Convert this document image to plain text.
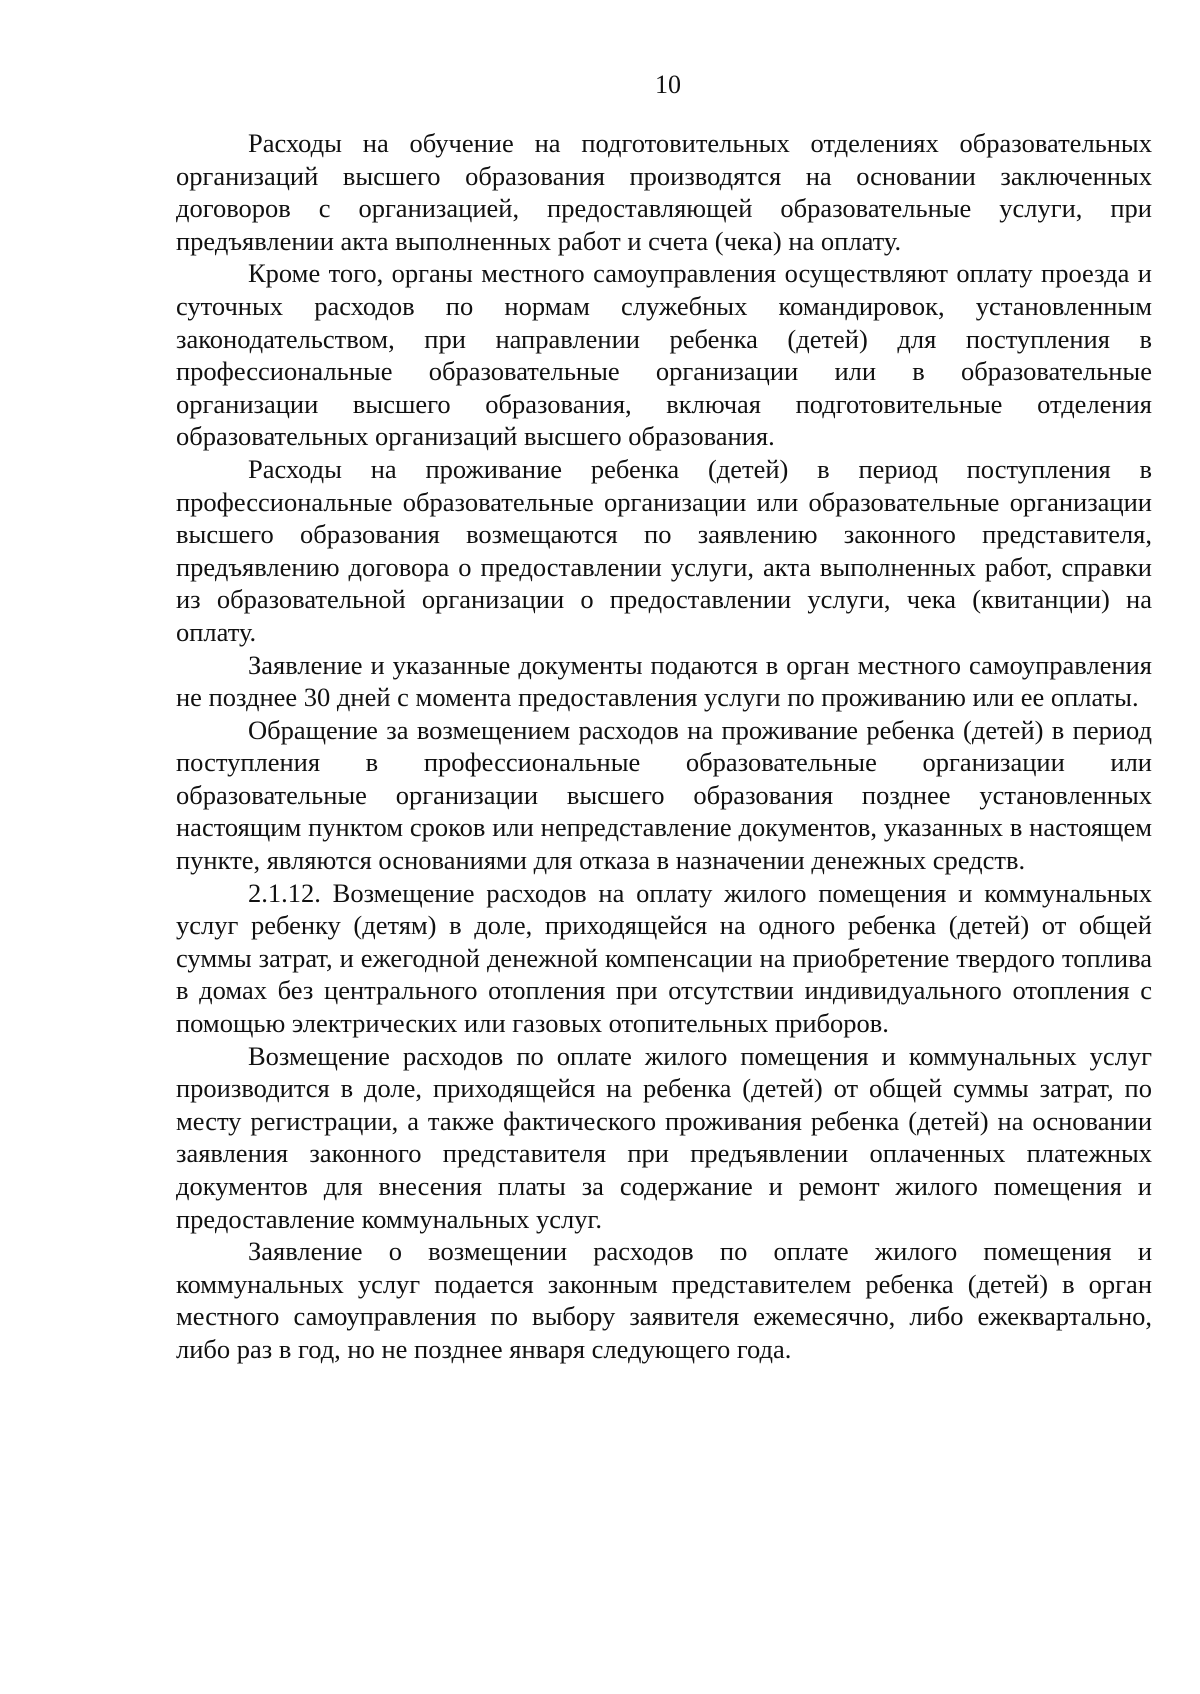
10

Расходы на обучение на подготовительных отделениях образовательных организаций высшего образования производятся на основании заключенных договоров с организацией, предоставляющей образовательные услуги, при предъявлении акта выполненных работ и счета (чека) на оплату.

Кроме того, органы местного самоуправления осуществляют оплату проезда и суточных расходов по нормам служебных командировок, установленным законодательством, при направлении ребенка (детей) для поступления в профессиональные образовательные организации или в образовательные организации высшего образования, включая подготовительные отделения образовательных организаций высшего образования.

Расходы на проживание ребенка (детей) в период поступления в профессиональные образовательные организации или образовательные организации высшего образования возмещаются по заявлению законного представителя, предъявлению договора о предоставлении услуги, акта выполненных работ, справки из образовательной организации о предоставлении услуги, чека (квитанции) на оплату.

Заявление и указанные документы подаются в орган местного самоуправления не позднее 30 дней с момента предоставления услуги по проживанию или ее оплаты.

Обращение за возмещением расходов на проживание ребенка (детей) в период поступления в профессиональные образовательные организации или образовательные организации высшего образования позднее установленных настоящим пунктом сроков или непредставление документов, указанных в настоящем пункте, являются основаниями для отказа в назначении денежных средств.

2.1.12. Возмещение расходов на оплату жилого помещения и коммунальных услуг ребенку (детям) в доле, приходящейся на одного ребенка (детей) от общей суммы затрат, и ежегодной денежной компенсации на приобретение твердого топлива в домах без центрального отопления при отсутствии индивидуального отопления с помощью электрических или газовых отопительных приборов.

Возмещение расходов по оплате жилого помещения и коммунальных услуг производится в доле, приходящейся на ребенка (детей) от общей суммы затрат, по месту регистрации, а также фактического проживания ребенка (детей) на основании заявления законного представителя при предъявлении оплаченных платежных документов для внесения платы за содержание и ремонт жилого помещения и предоставление коммунальных услуг.

Заявление о возмещении расходов по оплате жилого помещения и коммунальных услуг подается законным представителем ребенка (детей) в орган местного самоуправления по выбору заявителя ежемесячно, либо ежеквартально, либо раз в год, но не позднее января следующего года.
